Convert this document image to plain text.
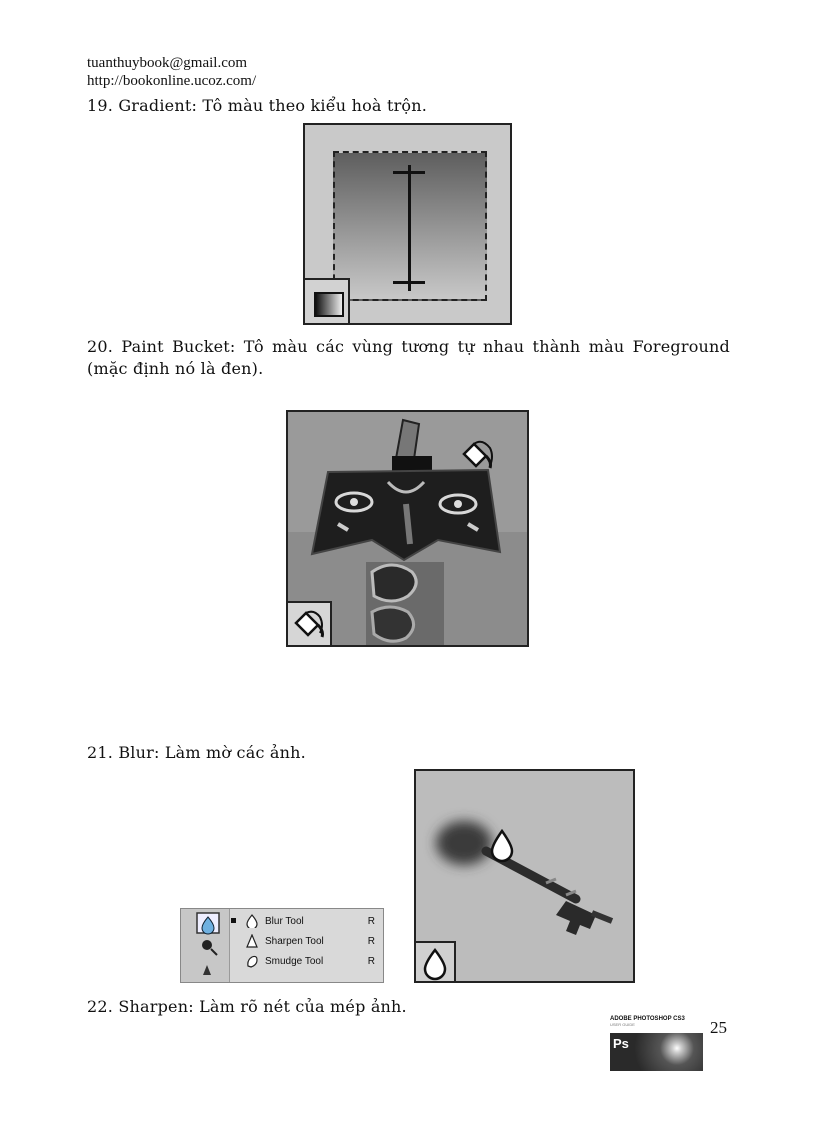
tuanthuybook@gmail.com
http://bookonline.ucoz.com/
19. Gradient: Tô màu theo kiểu hoà trộn.
20. Paint Bucket: Tô màu các vùng tương tự nhau thành màu Foreground
(mặc định nó là đen).
21. Blur: Làm mờ các ảnh.
Blur Tool	R
Sharpen Tool	R
Smudge Tool	R
22. Sharpen: Làm rõ nét của mép ảnh.
ADOBE PHOTOSHOP CS3
USER GUIDE
Ps
25
